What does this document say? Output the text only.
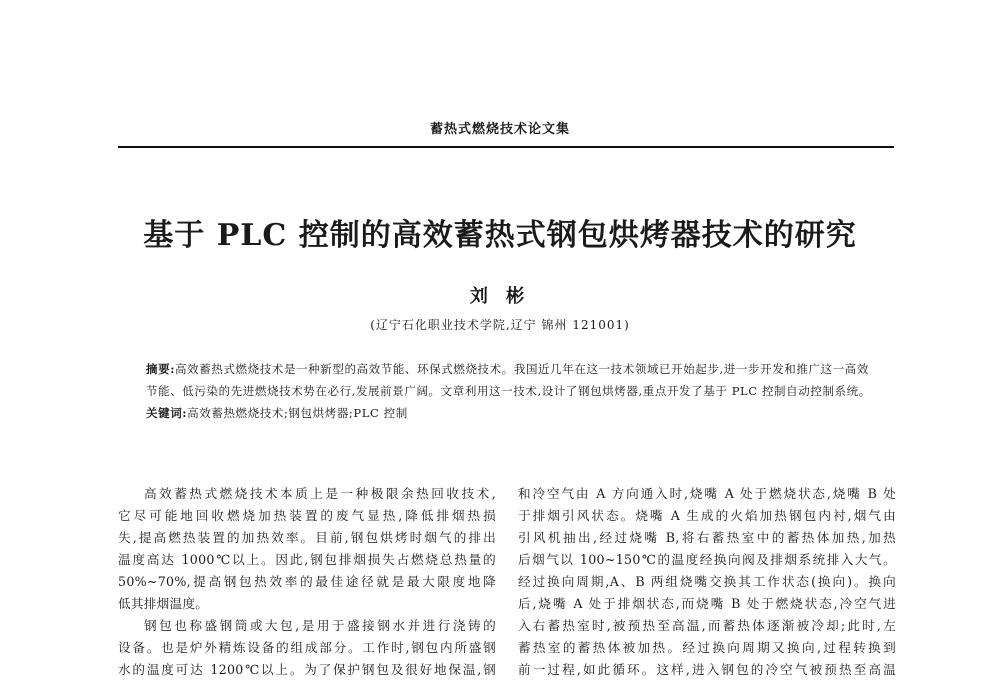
蓄热式燃烧技术论文集
基于 PLC 控制的高效蓄热式钢包烘烤器技术的研究
刘 彬
(辽宁石化职业技术学院,辽宁 锦州 121001)

摘要:高效蓄热式燃烧技术是一种新型的高效节能、环保式燃烧技术。我国近几年在这一技术领域已开始起步,进一步开发和推广这一高效节能、低污染的先进燃烧技术势在必行,发展前景广阔。文章利用这一技术,设计了钢包烘烤器,重点开发了基于 PLC 控制自动控制系统。

关键词:高效蓄热燃烧技术;钢包烘烤器;PLC 控制

高效蓄热式燃烧技术本质上是一种极限余热回收技术,
它尽可能地回收燃烧加热装置的废气显热,降低排烟热损
失,提高燃热装置的加热效率。目前,钢包烘烤时烟气的排出
温度高达 1000℃以上。因此,钢包排烟损失占燃烧总热量的
50%~70%,提高钢包热效率的最佳途径就是最大限度地降
低其排烟温度。
钢包也称盛钢筒或大包,是用于盛接钢水并进行浇铸的
设备。也是炉外精炼设备的组成部分。工作时,钢包内所盛钢
水的温度可达 1200℃以上。为了保护钢包及很好地保温,钢
和冷空气由 A 方向通入时,烧嘴 A 处于燃烧状态,烧嘴 B 处
于排烟引风状态。烧嘴 A 生成的火焰加热钢包内衬,烟气由
引风机抽出,经过烧嘴 B,将右蓄热室中的蓄热体加热,加热
后烟气以 100~150℃的温度经换向阀及排烟系统排入大气。
经过换向周期,A、B 两组烧嘴交换其工作状态(换向)。换向
后,烧嘴 A 处于排烟状态,而烧嘴 B 处于燃烧状态,冷空气进
入右蓄热室时,被预热至高温,而蓄热体逐渐被冷却;此时,左
蓄热室的蓄热体被加热。经过换向周期又换向,过程转换到
前一过程,如此循环。这样,进入钢包的冷空气被预热至高温
